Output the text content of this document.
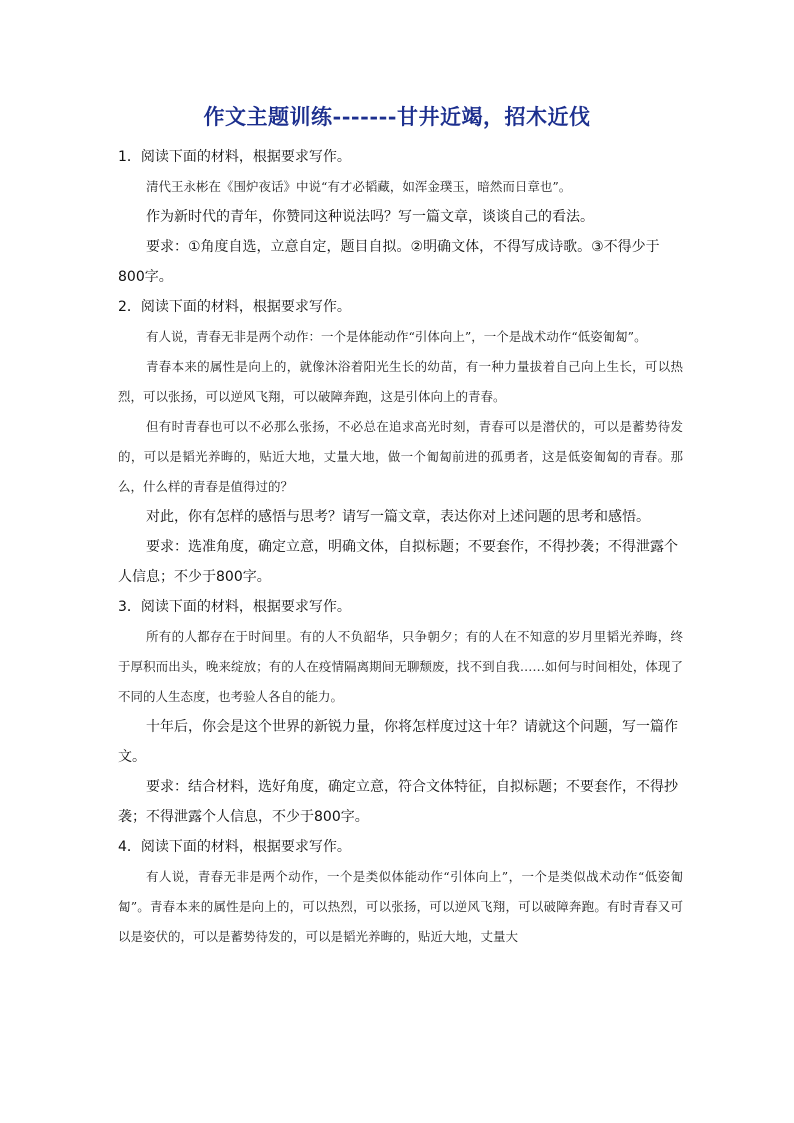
作文主题训练-------甘井近竭，招木近伐

1．阅读下面的材料，根据要求写作。

清代王永彬在《围炉夜话》中说“有才必韬藏，如浑金璞玉，暗然而日章也”。

作为新时代的青年，你赞同这种说法吗？写一篇文章，谈谈自己的看法。

要求：①角度自选，立意自定，题目自拟。②明确文体，不得写成诗歌。③不得少于800字。

2．阅读下面的材料，根据要求写作。

有人说，青春无非是两个动作：一个是体能动作“引体向上”，一个是战术动作“低姿匍匐”。

青春本来的属性是向上的，就像沐浴着阳光生长的幼苗，有一种力量拔着自己向上生长，可以热烈，可以张扬，可以逆风飞翔，可以破障奔跑，这是引体向上的青春。

但有时青春也可以不必那么张扬，不必总在追求高光时刻，青春可以是潜伏的，可以是蓄势待发的，可以是韬光养晦的，贴近大地，丈量大地，做一个匍匐前进的孤勇者，这是低姿匍匐的青春。那么，什么样的青春是值得过的？

对此，你有怎样的感悟与思考？请写一篇文章，表达你对上述问题的思考和感悟。

要求：选准角度，确定立意，明确文体，自拟标题；不要套作，不得抄袭；不得泄露个人信息；不少于800字。

3．阅读下面的材料，根据要求写作。

所有的人都存在于时间里。有的人不负韶华，只争朝夕；有的人在不知意的岁月里韬光养晦，终于厚积而出头，晚来绽放；有的人在疫情隔离期间无聊颓废，找不到自我……如何与时间相处，体现了不同的人生态度，也考验人各自的能力。

十年后，你会是这个世界的新锐力量，你将怎样度过这十年？请就这个问题，写一篇作文。

要求：结合材料，选好角度，确定立意，符合文体特征，自拟标题；不要套作，不得抄袭；不得泄露个人信息，不少于800字。

4．阅读下面的材料，根据要求写作。

有人说，青春无非是两个动作，一个是类似体能动作“引体向上”，一个是类似战术动作“低姿匍匐”。青春本来的属性是向上的，可以热烈，可以张扬，可以逆风飞翔，可以破障奔跑。有时青春又可以是姿伏的，可以是蓄势待发的，可以是韬光养晦的，贴近大地，丈量大
